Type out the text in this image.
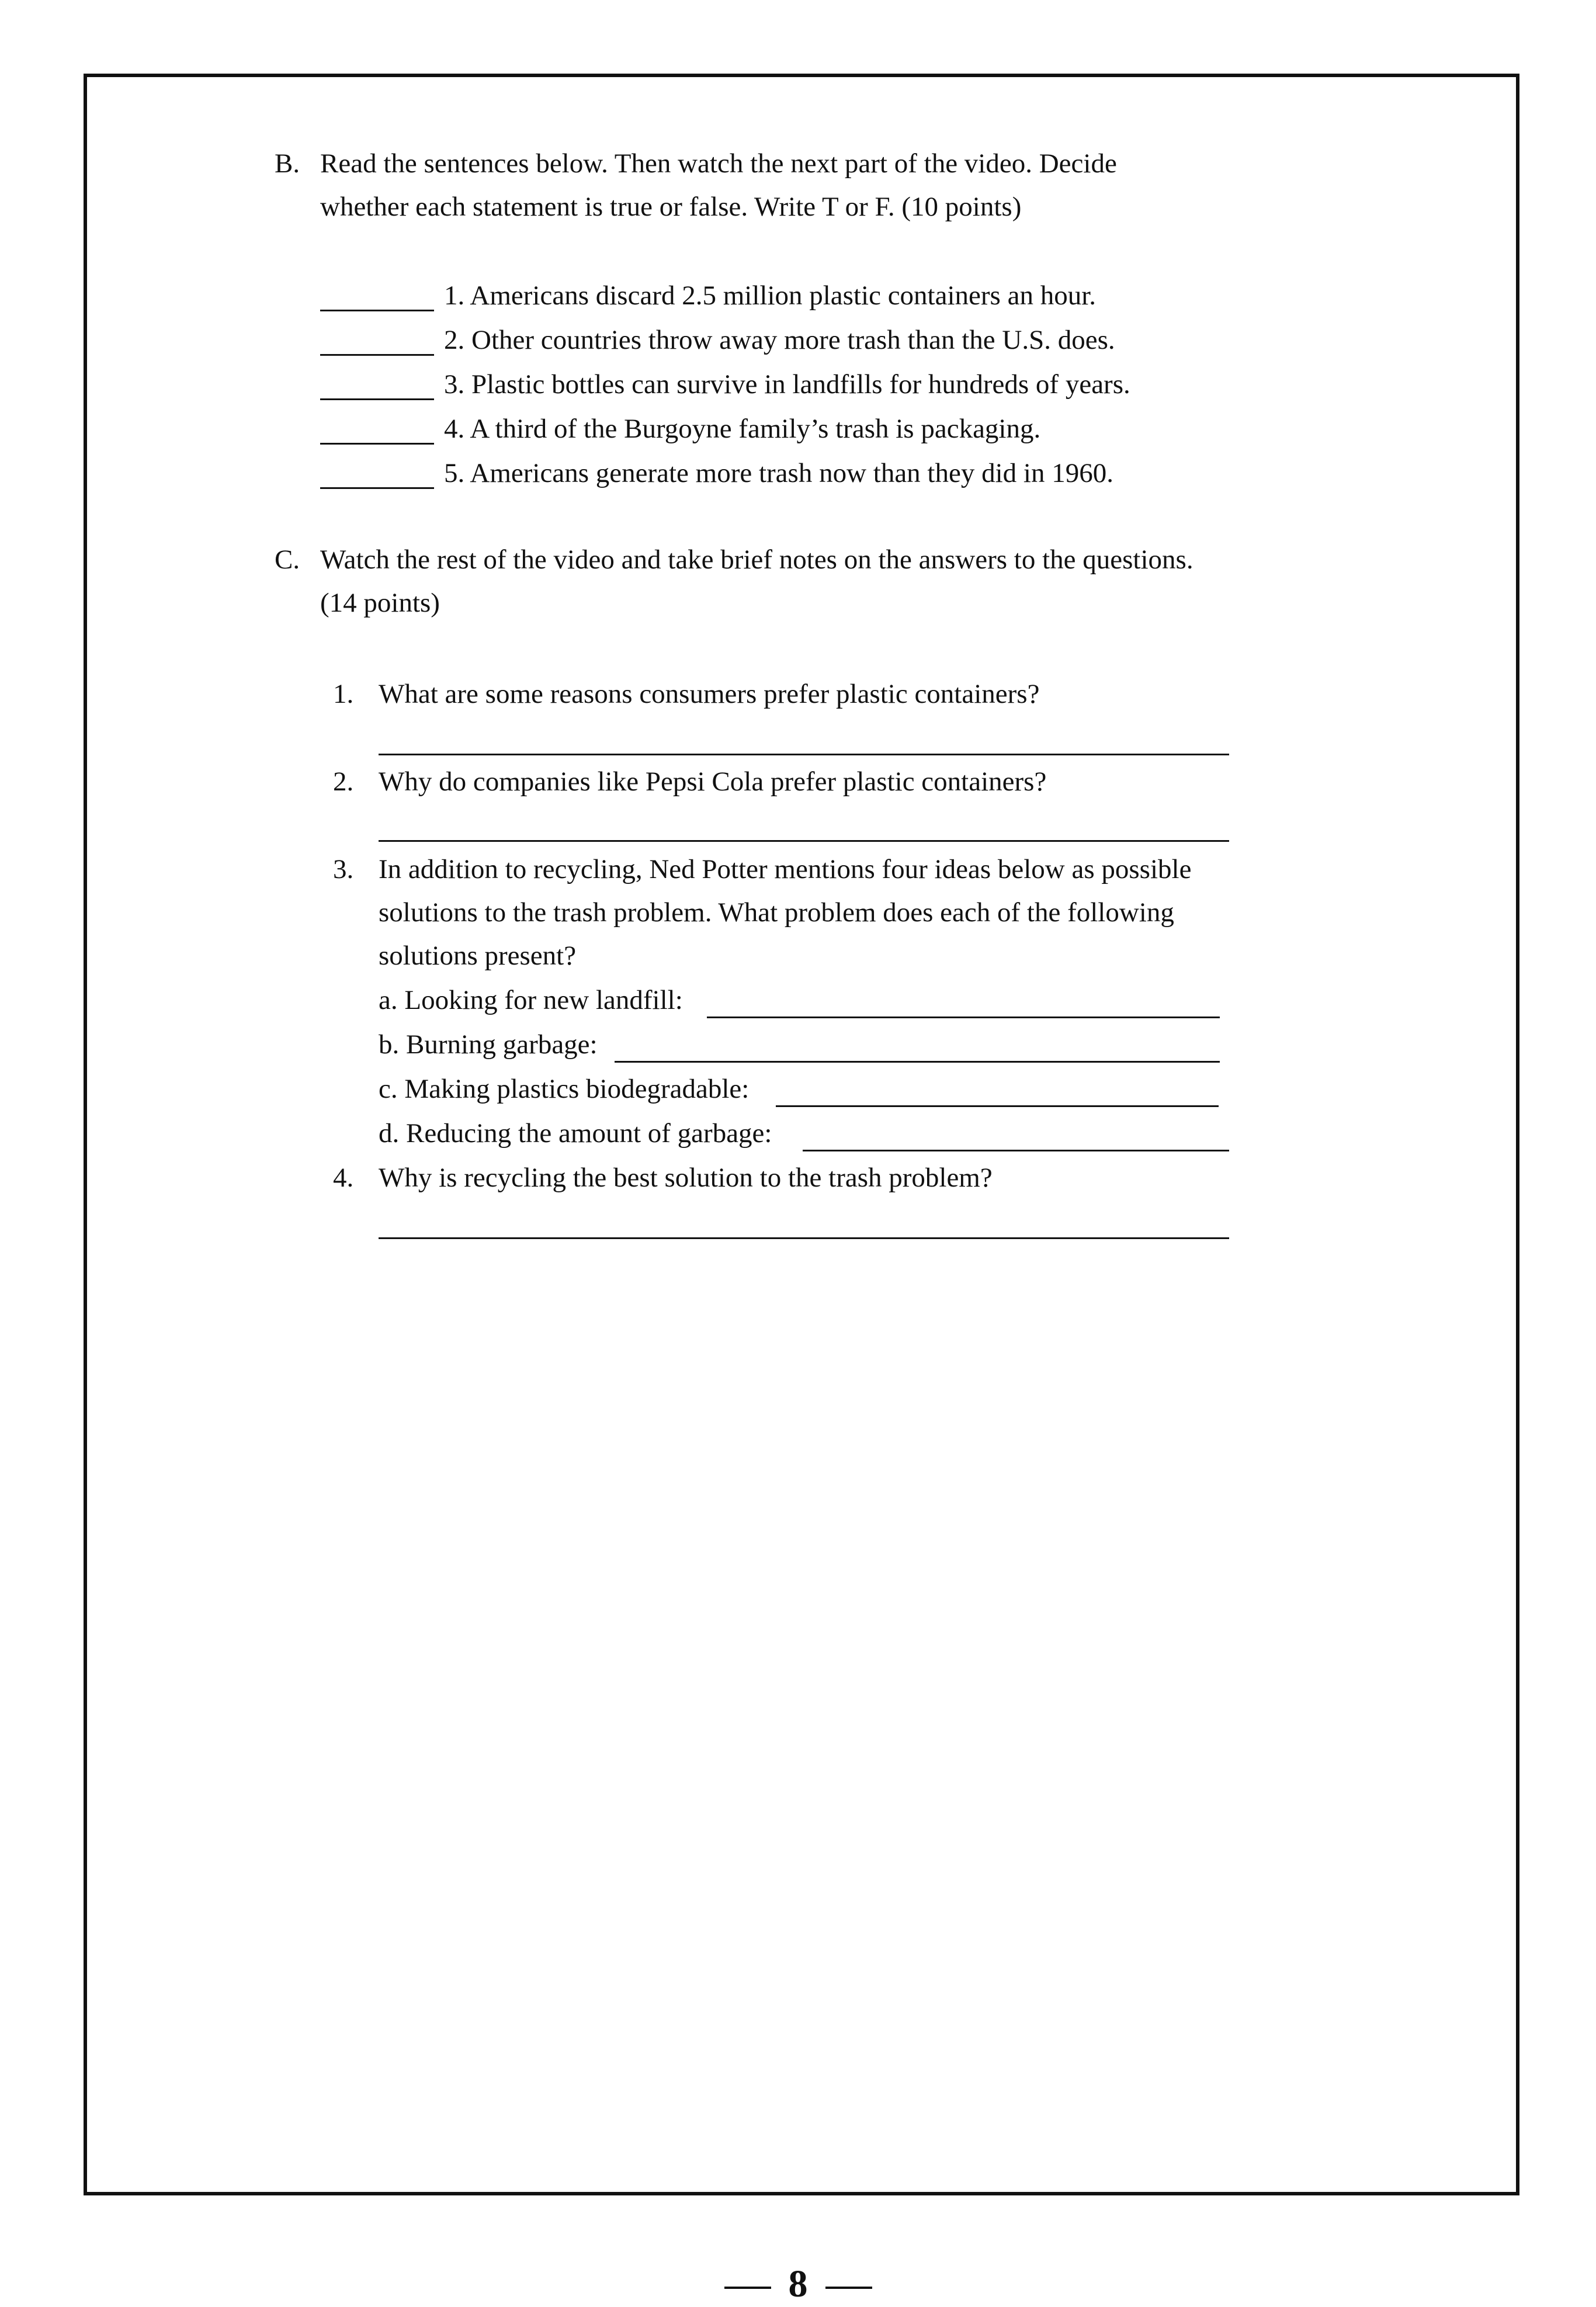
B. Read the sentences below. Then watch the next part of the video. Decide
whether each statement is true or false. Write T or F. (10 points)
1. Americans discard 2.5 million plastic containers an hour.
2. Other countries throw away more trash than the U.S. does.
3. Plastic bottles can survive in landfills for hundreds of years.
4. A third of the Burgoyne family’s trash is packaging.
5. Americans generate more trash now than they did in 1960.
C. Watch the rest of the video and take brief notes on the answers to the questions.
(14 points)
1. What are some reasons consumers prefer plastic containers?
2. Why do companies like Pepsi Cola prefer plastic containers?
3. In addition to recycling, Ned Potter mentions four ideas below as possible
solutions to the trash problem. What problem does each of the following
solutions present?
a. Looking for new landfill:
b. Burning garbage:
c. Making plastics biodegradable:
d. Reducing the amount of garbage:
4. Why is recycling the best solution to the trash problem?
8
